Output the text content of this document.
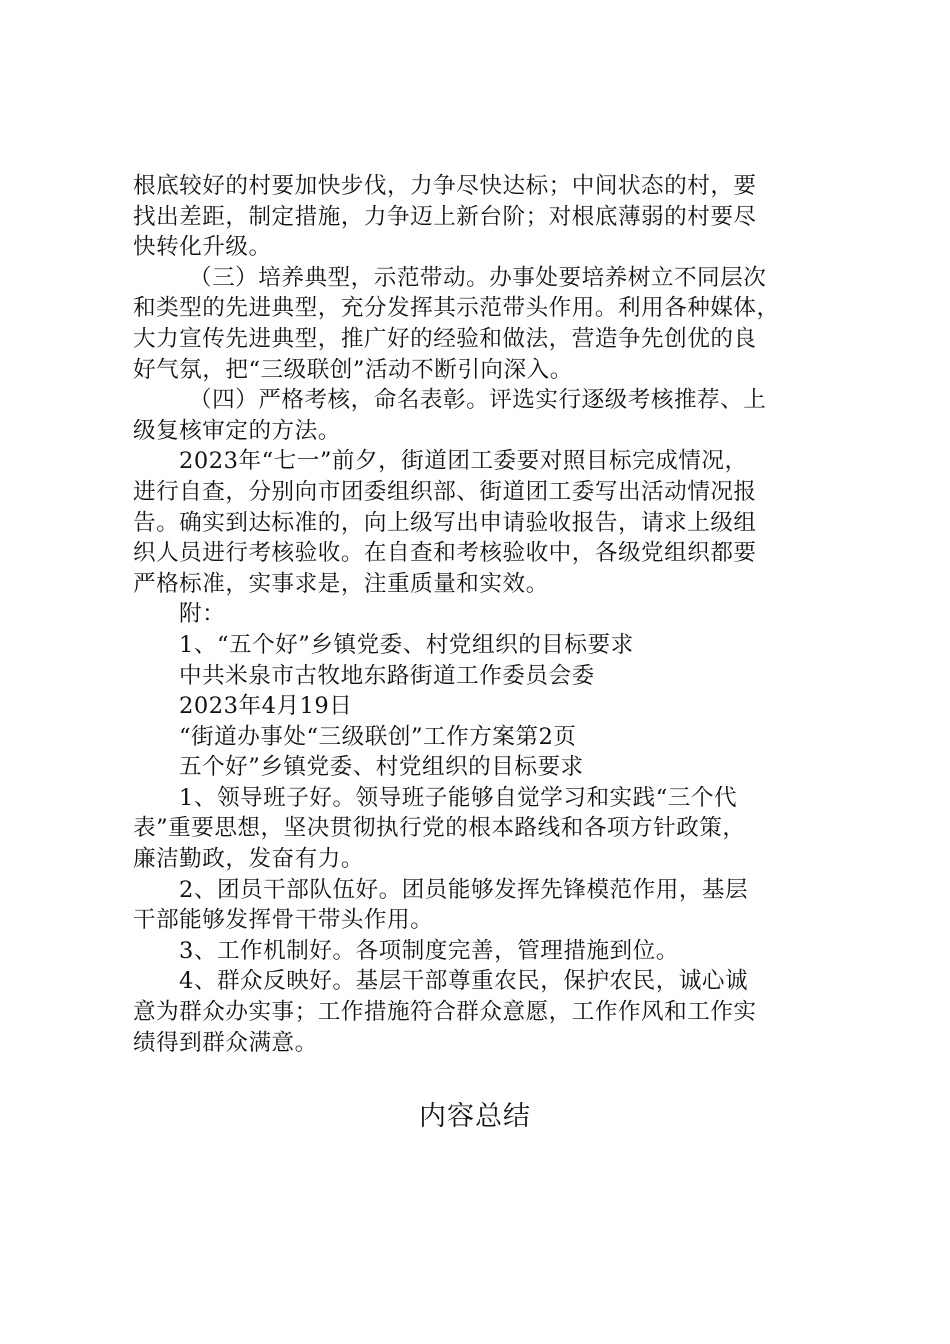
根底较好的村要加快步伐，力争尽快达标；中间状态的村，要
找出差距，制定措施，力争迈上新台阶；对根底薄弱的村要尽
快转化升级。
（三）培养典型，示范带动。办事处要培养树立不同层次
和类型的先进典型，充分发挥其示范带头作用。利用各种媒体，
大力宣传先进典型，推广好的经验和做法，营造争先创优的良
好气氛，把“三级联创”活动不断引向深入。
（四）严格考核，命名表彰。评选实行逐级考核推荐、上
级复核审定的方法。
2023年“七一”前夕，街道团工委要对照目标完成情况，
进行自查，分别向市团委组织部、街道团工委写出活动情况报
告。确实到达标准的，向上级写出申请验收报告，请求上级组
织人员进行考核验收。在自查和考核验收中，各级党组织都要
严格标准，实事求是，注重质量和实效。
附：
1、“五个好”乡镇党委、村党组织的目标要求
中共米泉市古牧地东路街道工作委员会委
2023年4月19日
“街道办事处“三级联创”工作方案第2页
五个好”乡镇党委、村党组织的目标要求
1、领导班子好。领导班子能够自觉学习和实践“三个代
表”重要思想，坚决贯彻执行党的根本路线和各项方针政策，
廉洁勤政，发奋有力。
2、团员干部队伍好。团员能够发挥先锋模范作用，基层
干部能够发挥骨干带头作用。
3、工作机制好。各项制度完善，管理措施到位。
4、群众反映好。基层干部尊重农民，保护农民，诚心诚
意为群众办实事；工作措施符合群众意愿，工作作风和工作实
绩得到群众满意。
内容总结
